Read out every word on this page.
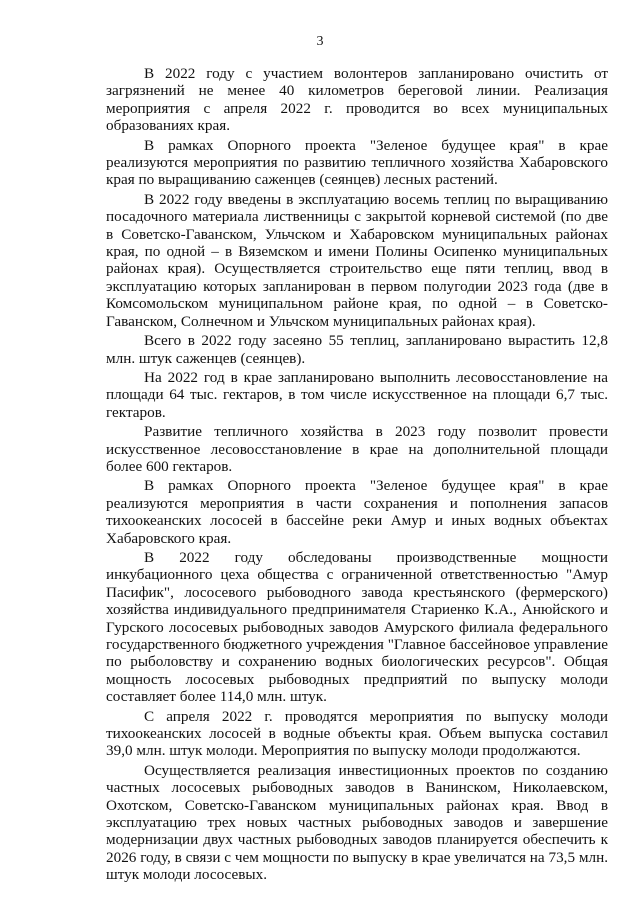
3

В 2022 году с участием волонтеров запланировано очистить от загрязнений не менее 40 километров береговой линии. Реализация мероприятия с апреля 2022 г. проводится во всех муниципальных образованиях края.

В рамках Опорного проекта "Зеленое будущее края" в крае реализуются мероприятия по развитию тепличного хозяйства Хабаровского края по выращиванию саженцев (сеянцев) лесных растений.

В 2022 году введены в эксплуатацию восемь теплиц по выращиванию посадочного материала лиственницы с закрытой корневой системой (по две в Советско-Гаванском, Ульчском и Хабаровском муниципальных районах края, по одной – в Вяземском и имени Полины Осипенко муниципальных районах края). Осуществляется строительство еще пяти теплиц, ввод в эксплуатацию которых запланирован в первом полугодии 2023 года (две в Комсомольском муниципальном районе края, по одной – в Советско-Гаванском, Солнечном и Ульчском муниципальных районах края).

Всего в 2022 году засеяно 55 теплиц, запланировано вырастить 12,8 млн. штук саженцев (сеянцев).

На 2022 год в крае запланировано выполнить лесовосстановление на площади 64 тыс. гектаров, в том числе искусственное на площади 6,7 тыс. гектаров.

Развитие тепличного хозяйства в 2023 году позволит провести искусственное лесовосстановление в крае на дополнительной площади более 600 гектаров.

В рамках Опорного проекта "Зеленое будущее края" в крае реализуются мероприятия в части сохранения и пополнения запасов тихоокеанских лососей в бассейне реки Амур и иных водных объектах Хабаровского края.

В 2022 году обследованы производственные мощности инкубационного цеха общества с ограниченной ответственностью "Амур Пасифик", лососевого рыбоводного завода крестьянского (фермерского) хозяйства индивидуального предпринимателя Стариенко К.А., Анюйского и Гурского лососевых рыбоводных заводов Амурского филиала федерального государственного бюджетного учреждения "Главное бассейновое управление по рыболовству и сохранению водных биологических ресурсов". Общая мощность лососевых рыбоводных предприятий по выпуску молоди составляет более 114,0 млн. штук.

С апреля 2022 г. проводятся мероприятия по выпуску молоди тихоокеанских лососей в водные объекты края. Объем выпуска составил 39,0 млн. штук молоди. Мероприятия по выпуску молоди продолжаются.

Осуществляется реализация инвестиционных проектов по созданию частных лососевых рыбоводных заводов в Ванинском, Николаевском, Охотском, Советско-Гаванском муниципальных районах края. Ввод в эксплуатацию трех новых частных рыбоводных заводов и завершение модернизации двух частных рыбоводных заводов планируется обеспечить к 2026 году, в связи с чем мощности по выпуску в крае увеличатся на 73,5 млн. штук молоди лососевых.
